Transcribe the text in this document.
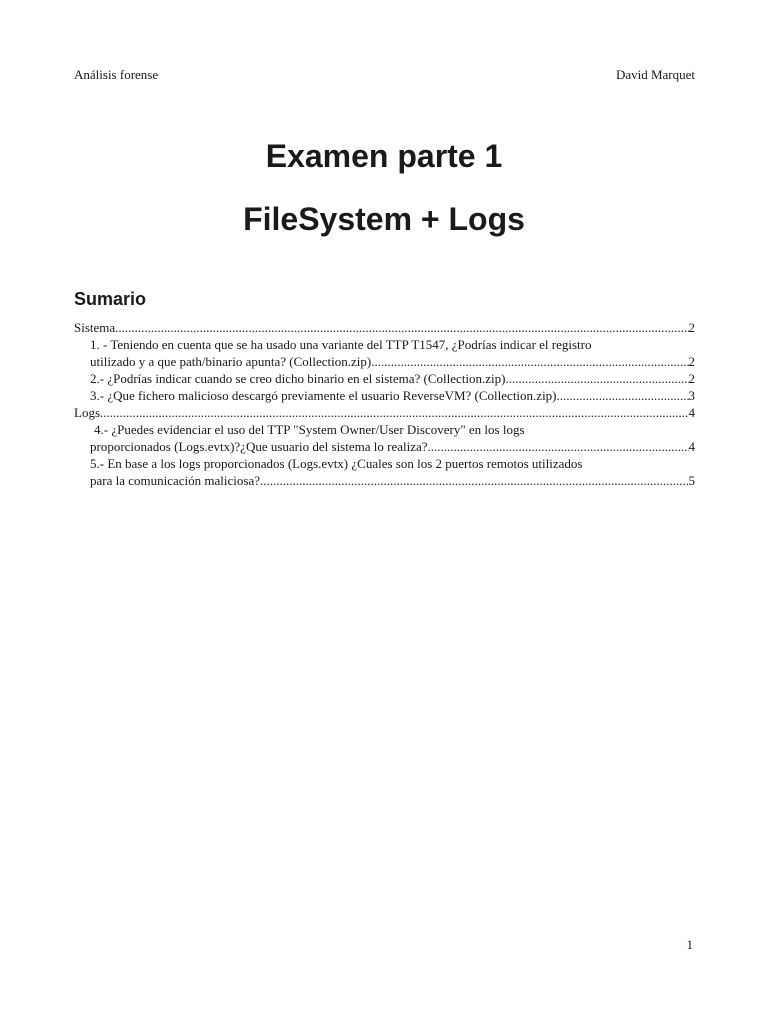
Análisis forense	David Marquet
Examen parte 1
FileSystem + Logs
Sumario
Sistema .....	2
1. - Teniendo en cuenta que se ha usado una variante del TTP T1547, ¿Podrías indicar el registro
utilizado y a que path/binario apunta? (Collection.zip) .....	2
2.- ¿Podrías indicar cuando se creo dicho binario en el sistema? (Collection.zip) .....	2
3.- ¿Que fichero malicioso descargó previamente el usuario ReverseVM? (Collection.zip) .....	3
Logs .....	4
4.- ¿Puedes evidenciar el uso del TTP "System Owner/User Discovery" en los logs
proporcionados (Logs.evtx)?¿Que usuario del sistema lo realiza? .....	4
5.- En base a los logs proporcionados (Logs.evtx) ¿Cuales son los 2 puertos remotos utilizados
para la comunicación maliciosa? .....	5
1
